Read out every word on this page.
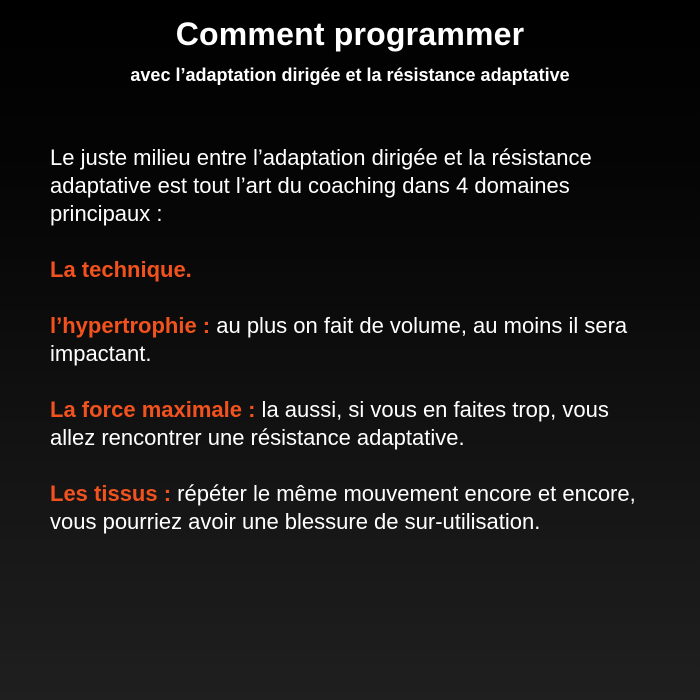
Comment programmer
avec l’adaptation dirigée et la résistance adaptative

Le juste milieu entre l’adaptation dirigée et la résistance adaptative est tout l’art du coaching dans 4 domaines principaux :

La technique.

l’hypertrophie : au plus on fait de volume, au moins il sera impactant.

La force maximale : la aussi, si vous en faites trop, vous allez rencontrer une résistance adaptative.

Les tissus : répéter le même mouvement encore et encore, vous pourriez avoir une blessure de sur-utilisation.
